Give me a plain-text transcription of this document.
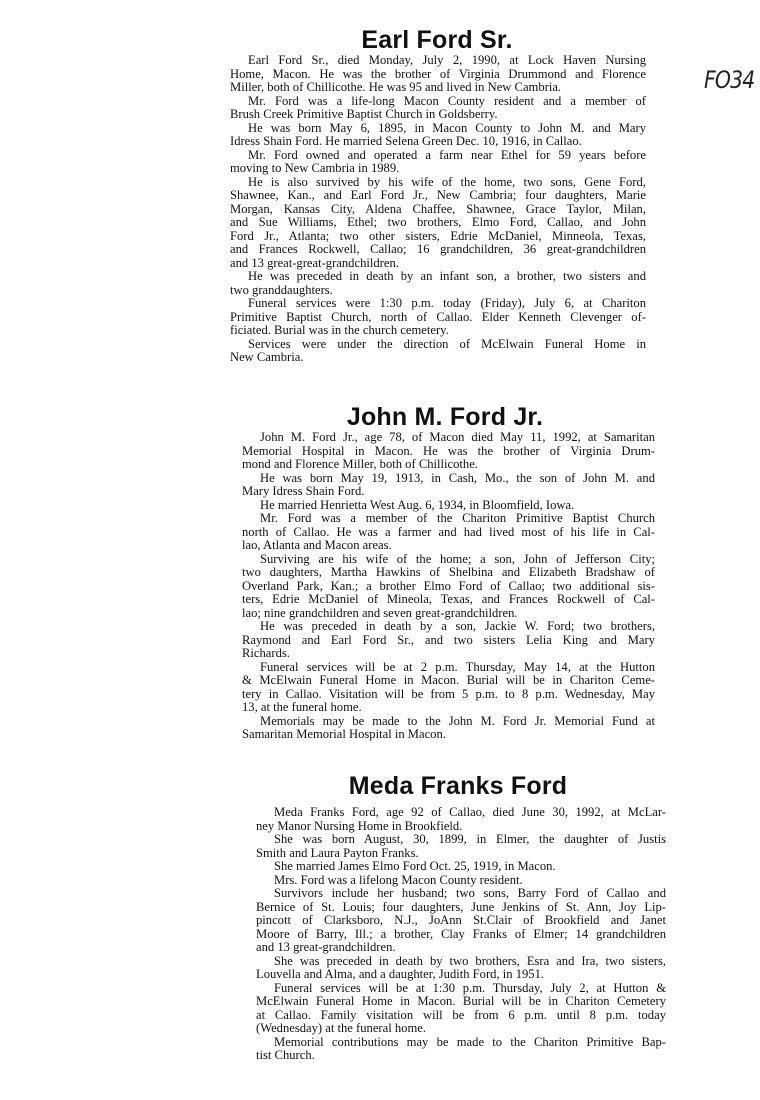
FO34
Earl Ford Sr.
Earl Ford Sr., died Monday, July 2, 1990, at Lock Haven Nursing
Home, Macon. He was the brother of Virginia Drummond and Florence
Miller, both of Chillicothe. He was 95 and lived in New Cambria.
Mr. Ford was a life-long Macon County resident and a member of
Brush Creek Primitive Baptist Church in Goldsberry.
He was born May 6, 1895, in Macon County to John M. and Mary
Idress Shain Ford. He married Selena Green Dec. 10, 1916, in Callao.
Mr. Ford owned and operated a farm near Ethel for 59 years before
moving to New Cambria in 1989.
He is also survived by his wife of the home, two sons, Gene Ford,
Shawnee, Kan., and Earl Ford Jr., New Cambria; four daughters, Marie
Morgan, Kansas City, Aldena Chaffee, Shawnee, Grace Taylor, Milan,
and Sue Williams, Ethel; two brothers, Elmo Ford, Callao, and John
Ford Jr., Atlanta; two other sisters, Edrie McDaniel, Minneola, Texas,
and Frances Rockwell, Callao; 16 grandchildren, 36 great-grandchildren
and 13 great-great-grandchildren.
He was preceded in death by an infant son, a brother, two sisters and
two granddaughters.
Funeral services were 1:30 p.m. today (Friday), July 6, at Chariton
Primitive Baptist Church, north of Callao. Elder Kenneth Clevenger of-
ficiated. Burial was in the church cemetery.
Services were under the direction of McElwain Funeral Home in
New Cambria.
John M. Ford Jr.
John M. Ford Jr., age 78, of Macon died May 11, 1992, at Samaritan
Memorial Hospital in Macon. He was the brother of Virginia Drum-
mond and Florence Miller, both of Chillicothe.
He was born May 19, 1913, in Cash, Mo., the son of John M. and
Mary Idress Shain Ford.
He married Henrietta West Aug. 6, 1934, in Bloomfield, Iowa.
Mr. Ford was a member of the Chariton Primitive Baptist Church
north of Callao. He was a farmer and had lived most of his life in Cal-
lao, Atlanta and Macon areas.
Surviving are his wife of the home; a son, John of Jefferson City;
two daughters, Martha Hawkins of Shelbina and Elizabeth Bradshaw of
Overland Park, Kan.; a brother Elmo Ford of Callao; two additional sis-
ters, Edrie McDaniel of Mineola, Texas, and Frances Rockwell of Cal-
lao; nine grandchildren and seven great-grandchildren.
He was preceded in death by a son, Jackie W. Ford; two brothers,
Raymond and Earl Ford Sr., and two sisters Lelia King and Mary
Richards.
Funeral services will be at 2 p.m. Thursday, May 14, at the Hutton
& McElwain Funeral Home in Macon. Burial will be in Chariton Ceme-
tery in Callao. Visitation will be from 5 p.m. to 8 p.m. Wednesday, May
13, at the funeral home.
Memorials may be made to the John M. Ford Jr. Memorial Fund at
Samaritan Memorial Hospital in Macon.
Meda Franks Ford
Meda Franks Ford, age 92 of Callao, died June 30, 1992, at McLar-
ney Manor Nursing Home in Brookfield.
She was born August, 30, 1899, in Elmer, the daughter of Justis
Smith and Laura Payton Franks.
She married James Elmo Ford Oct. 25, 1919, in Macon.
Mrs. Ford was a lifelong Macon County resident.
Survivors include her husband; two sons, Barry Ford of Callao and
Bernice of St. Louis; four daughters, June Jenkins of St. Ann, Joy Lip-
pincott of Clarksboro, N.J., JoAnn St.Clair of Brookfield and Janet
Moore of Barry, Ill.; a brother, Clay Franks of Elmer; 14 grandchildren
and 13 great-grandchildren.
She was preceded in death by two brothers, Esra and Ira, two sisters,
Louvella and Alma, and a daughter, Judith Ford, in 1951.
Funeral services will be at 1:30 p.m. Thursday, July 2, at Hutton &
McElwain Funeral Home in Macon. Burial will be in Chariton Cemetery
at Callao. Family visitation will be from 6 p.m. until 8 p.m. today
(Wednesday) at the funeral home.
Memorial contributions may be made to the Chariton Primitive Bap-
tist Church.
